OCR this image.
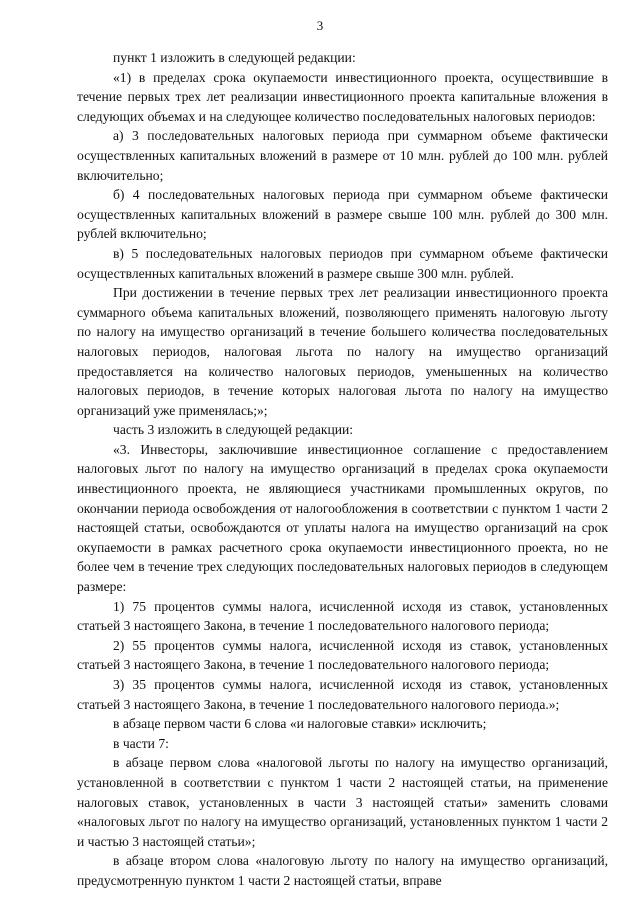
3

пункт 1 изложить в следующей редакции:

«1) в пределах срока окупаемости инвестиционного проекта, осуществившие в течение первых трех лет реализации инвестиционного проекта капитальные вложения в следующих объемах и на следующее количество последовательных налоговых периодов:

а) 3 последовательных налоговых периода при суммарном объеме фактически осуществленных капитальных вложений в размере от 10 млн. рублей до 100 млн. рублей включительно;

б) 4 последовательных налоговых периода при суммарном объеме фактически осуществленных капитальных вложений в размере свыше 100 млн. рублей до 300 млн. рублей включительно;

в) 5 последовательных налоговых периодов при суммарном объеме фактически осуществленных капитальных вложений в размере свыше 300 млн. рублей.

При достижении в течение первых трех лет реализации инвестиционного проекта суммарного объема капитальных вложений, позволяющего применять налоговую льготу по налогу на имущество организаций в течение большего количества последовательных налоговых периодов, налоговая льгота по налогу на имущество организаций предоставляется на количество налоговых периодов, уменьшенных на количество налоговых периодов, в течение которых налоговая льгота по налогу на имущество организаций уже применялась;»;

часть 3 изложить в следующей редакции:

«3. Инвесторы, заключившие инвестиционное соглашение с предоставлением налоговых льгот по налогу на имущество организаций в пределах срока окупаемости инвестиционного проекта, не являющиеся участниками промышленных округов, по окончании периода освобождения от налогообложения в соответствии с пунктом 1 части 2 настоящей статьи, освобождаются от уплаты налога на имущество организаций на срок окупаемости в рамках расчетного срока окупаемости инвестиционного проекта, но не более чем в течение трех следующих последовательных налоговых периодов в следующем размере:

1) 75 процентов суммы налога, исчисленной исходя из ставок, установленных статьей 3 настоящего Закона, в течение 1 последовательного налогового периода;

2) 55 процентов суммы налога, исчисленной исходя из ставок, установленных статьей 3 настоящего Закона, в течение 1 последовательного налогового периода;

3) 35 процентов суммы налога, исчисленной исходя из ставок, установленных статьей 3 настоящего Закона, в течение 1 последовательного налогового периода.»;

в абзаце первом части 6 слова «и налоговые ставки» исключить;

в части 7:

в абзаце первом слова «налоговой льготы по налогу на имущество организаций, установленной в соответствии с пунктом 1 части 2 настоящей статьи, на применение налоговых ставок, установленных в части 3 настоящей статьи» заменить словами «налоговых льгот по налогу на имущество организаций, установленных пунктом 1 части 2 и частью 3 настоящей статьи»;

в абзаце втором слова «налоговую льготу по налогу на имущество организаций, предусмотренную пунктом 1 части 2 настоящей статьи, вправе
